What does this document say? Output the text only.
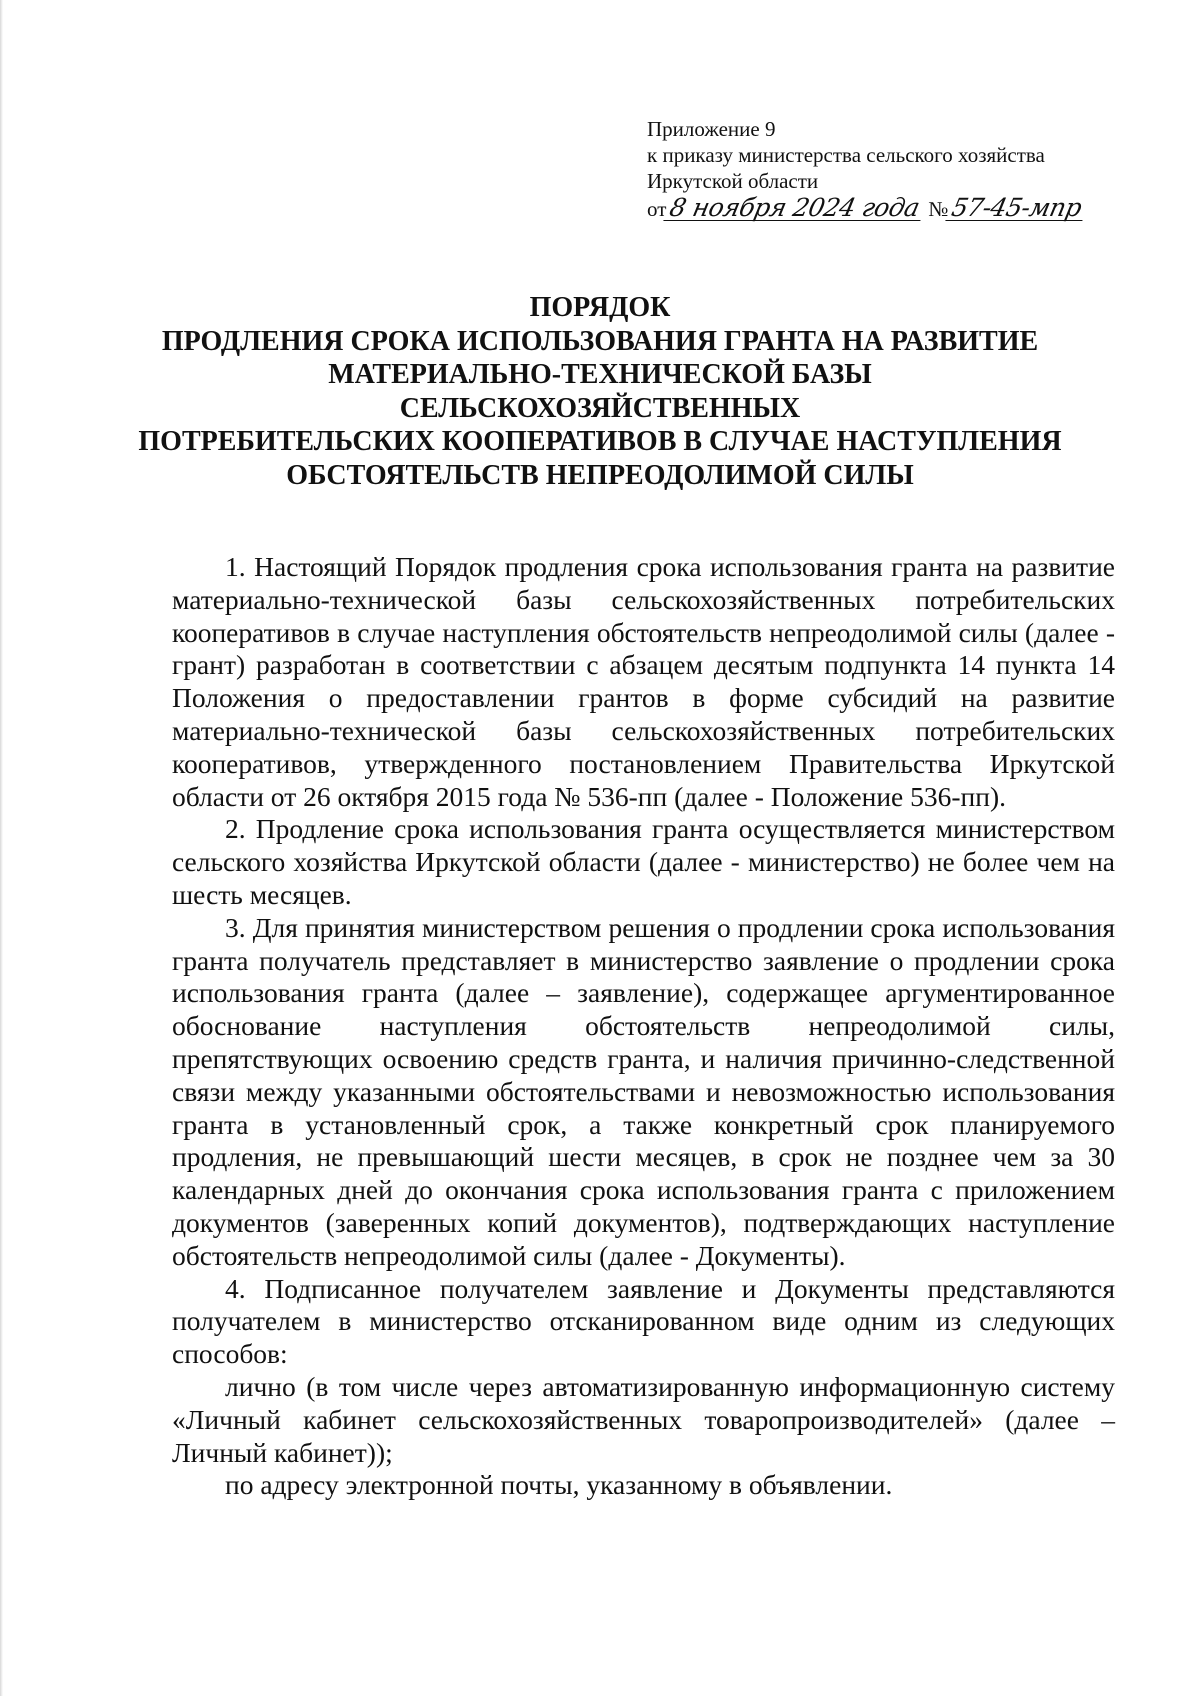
Приложение 9
к приказу министерства сельского хозяйства
Иркутской области
от8 ноября 2024 года №57-45-мпр
ПОРЯДОК
ПРОДЛЕНИЯ СРОКА ИСПОЛЬЗОВАНИЯ ГРАНТА НА РАЗВИТИЕ
МАТЕРИАЛЬНО-ТЕХНИЧЕСКОЙ БАЗЫ
СЕЛЬСКОХОЗЯЙСТВЕННЫХ
ПОТРЕБИТЕЛЬСКИХ КООПЕРАТИВОВ В СЛУЧАЕ НАСТУПЛЕНИЯ
ОБСТОЯТЕЛЬСТВ НЕПРЕОДОЛИМОЙ СИЛЫ

1. Настоящий Порядок продления срока использования гранта на развитие материально-технической базы сельскохозяйственных потребительских кооперативов в случае наступления обстоятельств непреодолимой силы (далее - грант) разработан в соответствии с абзацем десятым подпункта 14 пункта 14 Положения о предоставлении грантов в форме субсидий на развитие материально-технической базы сельскохозяйственных потребительских кооперативов, утвержденного постановлением Правительства Иркутской области от 26 октября 2015 года № 536-пп (далее - Положение 536-пп).

2. Продление срока использования гранта осуществляется министерством сельского хозяйства Иркутской области (далее - министерство) не более чем на шесть месяцев.

3. Для принятия министерством решения о продлении срока использования гранта получатель представляет в министерство заявление о продлении срока использования гранта (далее – заявление), содержащее аргументированное обоснование наступления обстоятельств непреодолимой силы, препятствующих освоению средств гранта, и наличия причинно-следственной связи между указанными обстоятельствами и невозможностью использования гранта в установленный срок, а также конкретный срок планируемого продления, не превышающий шести месяцев, в срок не позднее чем за 30 календарных дней до окончания срока использования гранта с приложением документов (заверенных копий документов), подтверждающих наступление обстоятельств непреодолимой силы (далее - Документы).

4. Подписанное получателем заявление и Документы представляются получателем в министерство отсканированном виде одним из следующих способов:

лично (в том числе через автоматизированную информационную систему «Личный кабинет сельскохозяйственных товаропроизводителей» (далее – Личный кабинет));

по адресу электронной почты, указанному в объявлении.
